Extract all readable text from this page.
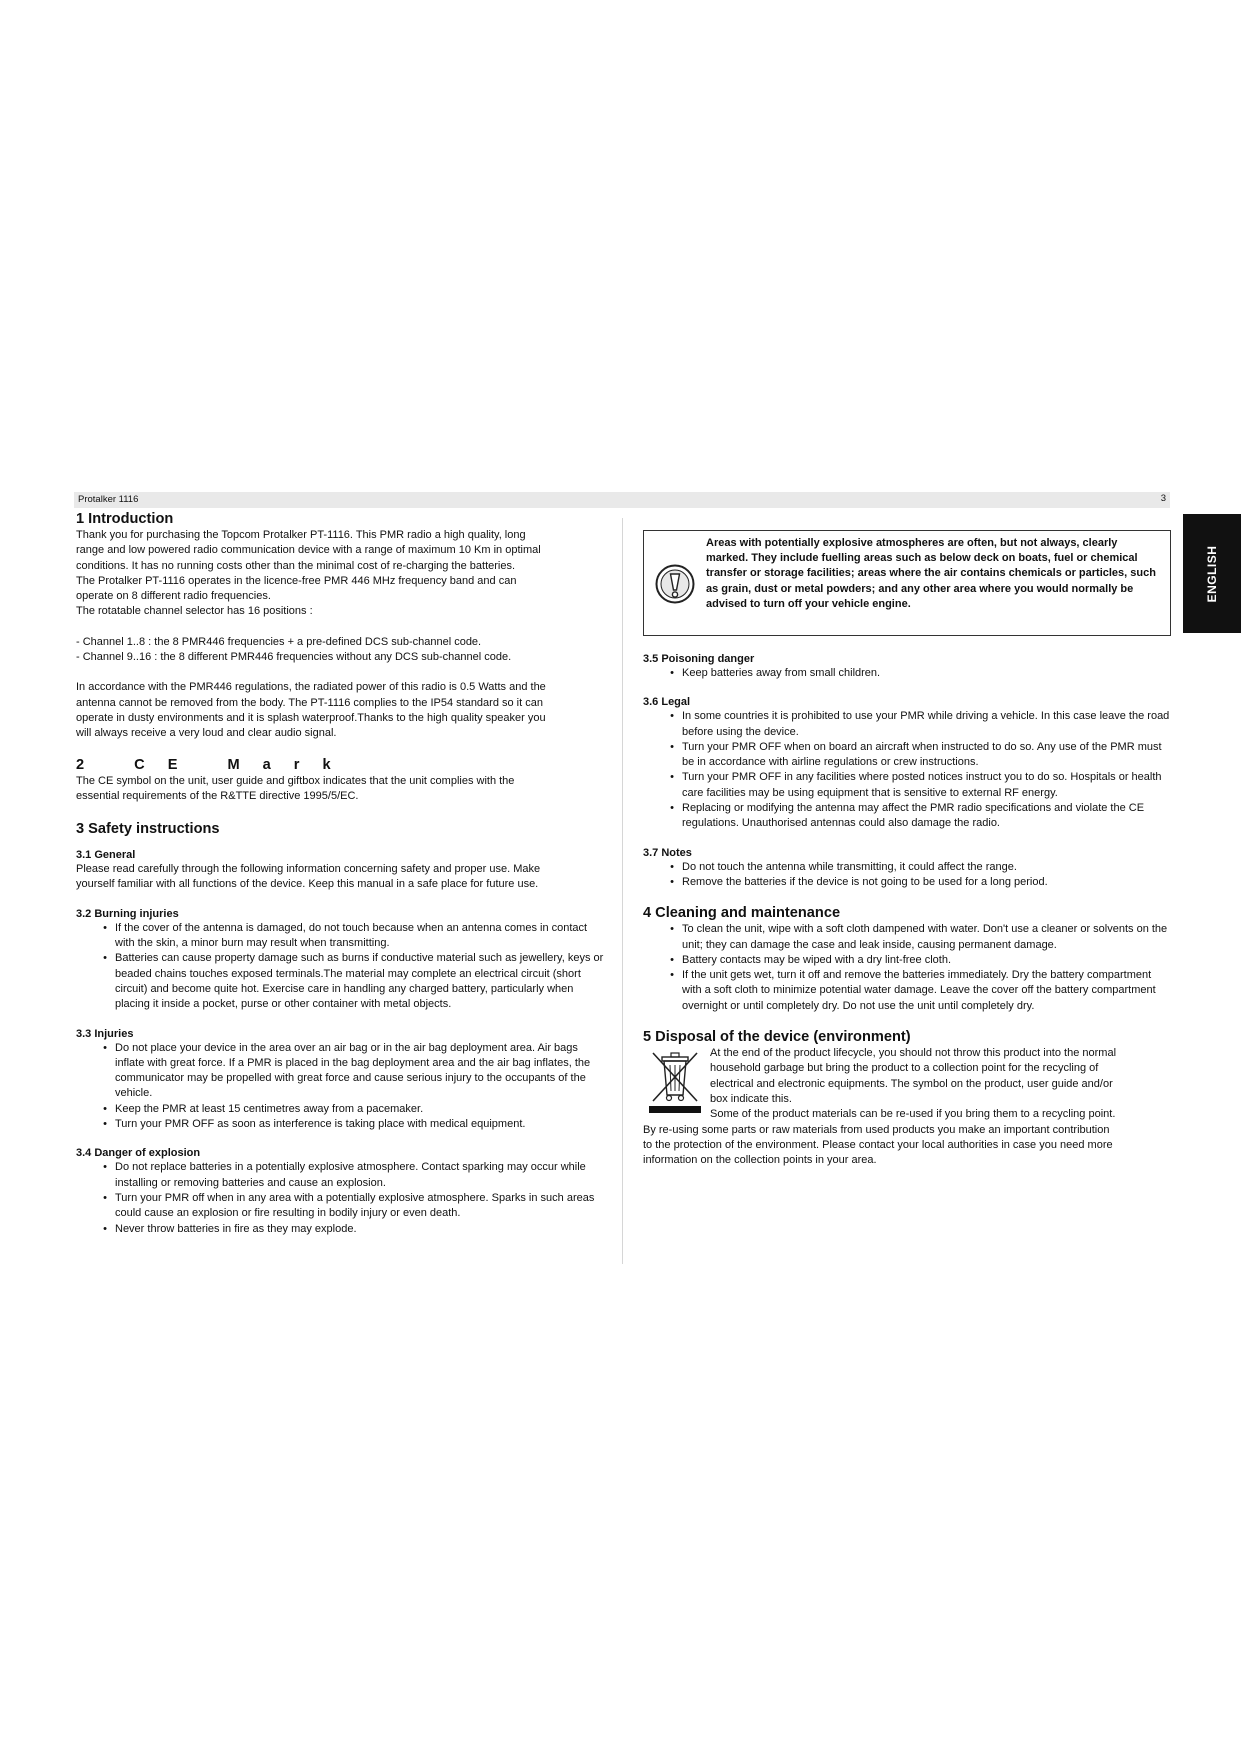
Protalker 1116	3
ENGLISH
1 Introduction
Thank you for purchasing the Topcom Protalker PT-1116. This PMR radio a high quality, long
range and low powered radio communication device with a range of maximum 10 Km in optimal
conditions. It has no running costs other than the minimal cost of re-charging the batteries.
The Protalker PT-1116 operates in the licence-free PMR 446 MHz frequency band and can
operate on 8 different radio frequencies.
The rotatable channel selector has 16 positions :
- Channel 1..8 : the 8 PMR446 frequencies + a pre-defined DCS sub-channel code.
- Channel 9..16 : the 8 different PMR446 frequencies without any DCS sub-channel code.
In accordance with the PMR446 regulations, the radiated power of this radio is 0.5 Watts and the
antenna cannot be removed from the body. The PT-1116 complies to the IP54 standard so it can
operate in dusty environments and it is splash waterproof.Thanks to the high quality speaker you
will always receive a very loud and clear audio signal.
2 CE Mark
The CE symbol on the unit, user guide and giftbox indicates that the unit complies with the
essential requirements of the R&TTE directive 1995/5/EC.
3 Safety instructions
3.1 General
Please read carefully through the following information concerning safety and proper use. Make
yourself familiar with all functions of the device. Keep this manual in a safe place for future use.
3.2 Burning injuries
• If the cover of the antenna is damaged, do not touch because when an antenna comes in contact with the skin, a minor burn may result when transmitting.
• Batteries can cause property damage such as burns if conductive material such as jewellery, keys or beaded chains touches exposed terminals.The material may complete an electrical circuit (short circuit) and become quite hot. Exercise care in handling any charged battery, particularly when placing it inside a pocket, purse or other container with metal objects.
3.3 Injuries
• Do not place your device in the area over an air bag or in the air bag deployment area. Air bags inflate with great force. If a PMR is placed in the bag deployment area and the air bag inflates, the communicator may be propelled with great force and cause serious injury to the occupants of the vehicle.
• Keep the PMR at least 15 centimetres away from a pacemaker.
• Turn your PMR OFF as soon as interference is taking place with medical equipment.
3.4 Danger of explosion
• Do not replace batteries in a potentially explosive atmosphere. Contact sparking may occur while installing or removing batteries and cause an explosion.
• Turn your PMR off when in any area with a potentially explosive atmosphere. Sparks in such areas could cause an explosion or fire resulting in bodily injury or even death.
• Never throw batteries in fire as they may explode.
Areas with potentially explosive atmospheres are often, but not always, clearly marked. They include fuelling areas such as below deck on boats, fuel or chemical transfer or storage facilities; areas where the air contains chemicals or particles, such as grain, dust or metal powders; and any other area where you would normally be advised to turn off your vehicle engine.
3.5 Poisoning danger
• Keep batteries away from small children.
3.6 Legal
• In some countries it is prohibited to use your PMR while driving a vehicle. In this case leave the road before using the device.
• Turn your PMR OFF when on board an aircraft when instructed to do so. Any use of the PMR must be in accordance with airline regulations or crew instructions.
• Turn your PMR OFF in any facilities where posted notices instruct you to do so. Hospitals or health care facilities may be using equipment that is sensitive to external RF energy.
• Replacing or modifying the antenna may affect the PMR radio specifications and violate the CE regulations. Unauthorised antennas could also damage the radio.
3.7 Notes
• Do not touch the antenna while transmitting, it could affect the range.
• Remove the batteries if the device is not going to be used for a long period.
4 Cleaning and maintenance
• To clean the unit, wipe with a soft cloth dampened with water. Don't use a cleaner or solvents on the unit; they can damage the case and leak inside, causing permanent damage.
• Battery contacts may be wiped with a dry lint-free cloth.
• If the unit gets wet, turn it off and remove the batteries immediately. Dry the battery compartment with a soft cloth to minimize potential water damage. Leave the cover off the battery compartment overnight or until completely dry. Do not use the unit until completely dry.
5 Disposal of the device (environment)
At the end of the product lifecycle, you should not throw this product into the normal
household garbage but bring the product to a collection point for the recycling of
electrical and electronic equipments. The symbol on the product, user guide and/or
box indicate this.
Some of the product materials can be re-used if you bring them to a recycling point.
By re-using some parts or raw materials from used products you make an important contribution
to the protection of the environment. Please contact your local authorities in case you need more
information on the collection points in your area.
